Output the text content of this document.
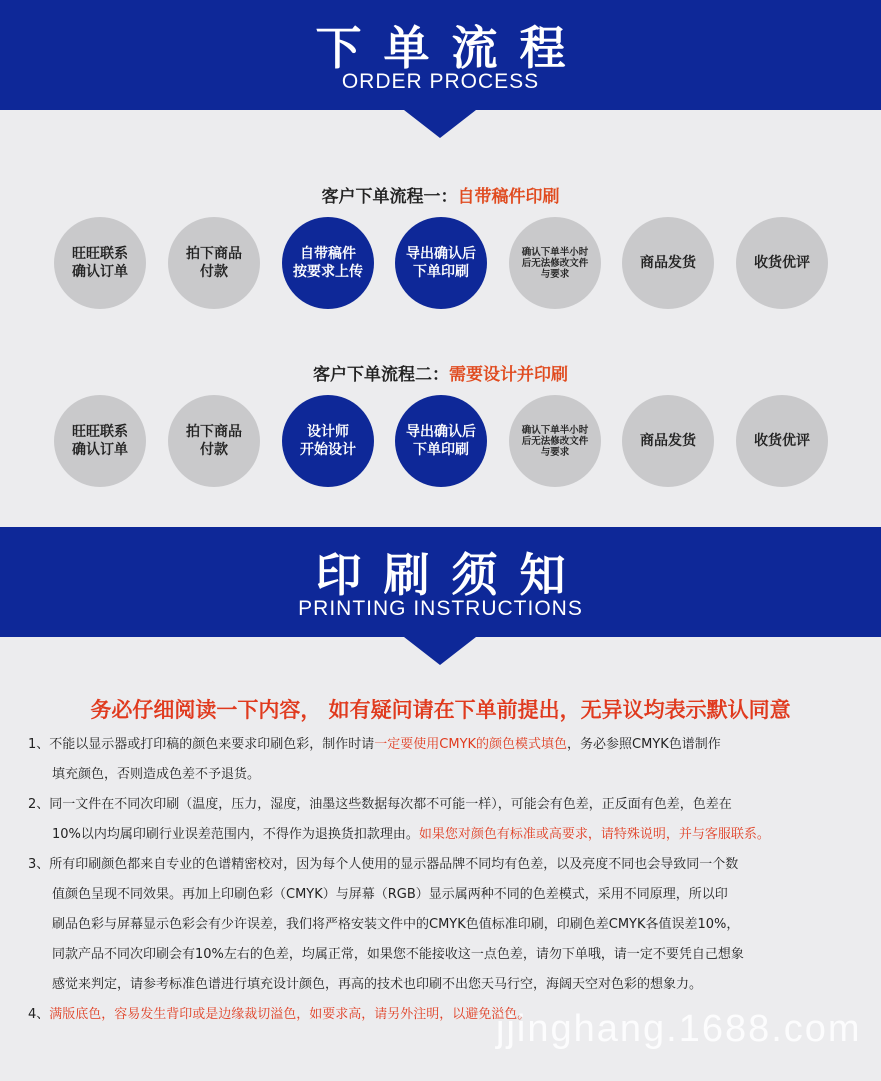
下单流程
ORDER PROCESS
客户下单流程一：自带稿件印刷
旺旺联系
确认订单
拍下商品
付款
自带稿件
按要求上传
导出确认后
下单印刷
确认下单半小时
后无法修改文件
与要求
商品发货	收货优评
客户下单流程二：需要设计并印刷
旺旺联系
确认订单
拍下商品
付款
设计师
开始设计
导出确认后
下单印刷
确认下单半小时
后无法修改文件
与要求
商品发货	收货优评
印刷须知
PRINTING INSTRUCTIONS
务必仔细阅读一下内容， 如有疑问请在下单前提出，无异议均表示默认同意
1、不能以显示器或打印稿的颜色来要求印刷色彩，制作时请一定要使用CMYK的颜色模式填色，务必参照CMYK色谱制作
填充颜色，否则造成色差不予退货。
2、同一文件在不同次印刷（温度，压力，湿度，油墨这些数据每次都不可能一样），可能会有色差，正反面有色差，色差在
10%以内均属印刷行业误差范围内，不得作为退换货扣款理由。如果您对颜色有标准或高要求，请特殊说明，并与客服联系。
3、所有印刷颜色都来自专业的色谱精密校对，因为每个人使用的显示器品牌不同均有色差，以及亮度不同也会导致同一个数
值颜色呈现不同效果。再加上印刷色彩（CMYK）与屏幕（RGB）显示属两种不同的色差模式，采用不同原理，所以印
刷品色彩与屏幕显示色彩会有少许误差，我们将严格安装文件中的CMYK色值标准印刷，印刷色差CMYK各值误差10%，
同款产品不同次印刷会有10%左右的色差，均属正常，如果您不能接收这一点色差，请勿下单哦，请一定不要凭自己想象
感觉来判定，请参考标准色谱进行填充设计颜色，再高的技术也印刷不出您天马行空，海阔天空对色彩的想象力。
4、满版底色，容易发生背印或是边缘裁切溢色，如要求高，请另外注明，以避免溢色。
jjinghang.1688.com
